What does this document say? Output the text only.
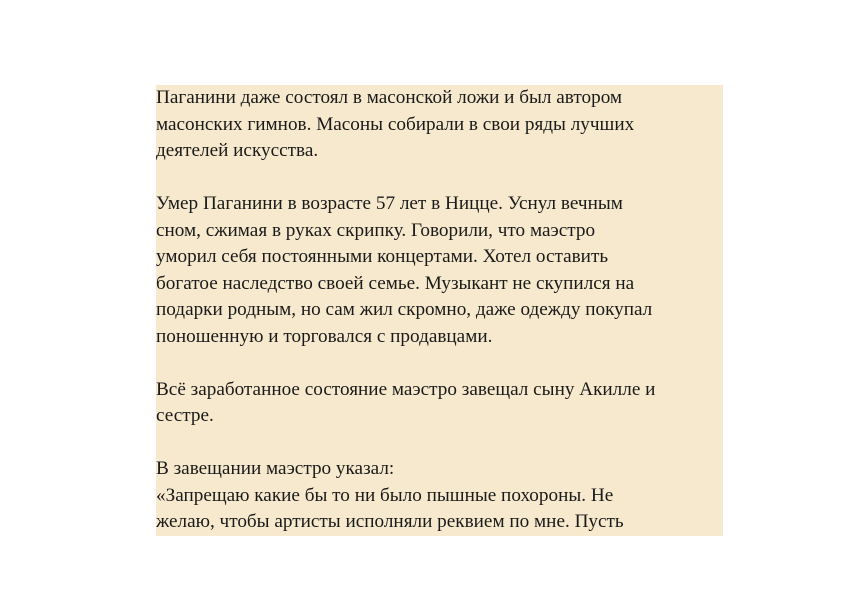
Паганини даже состоял в масонской ложи и был автором
масонских гимнов. Масоны собирали в свои ряды лучших
деятелей искусства.

Умер Паганини в возрасте 57 лет в Ницце. Уснул вечным
сном, сжимая в руках скрипку. Говорили, что маэстро
уморил себя постоянными концертами. Хотел оставить
богатое наследство своей семье. Музыкант не скупился на
подарки родным, но сам жил скромно, даже одежду покупал
поношенную и торговался с продавцами.

Всё заработанное состояние маэстро завещал сыну Акилле и
сестре.

В завещании маэстро указал:
«Запрещаю какие бы то ни было пышные похороны. Не
желаю, чтобы артисты исполняли реквием по мне. Пусть
